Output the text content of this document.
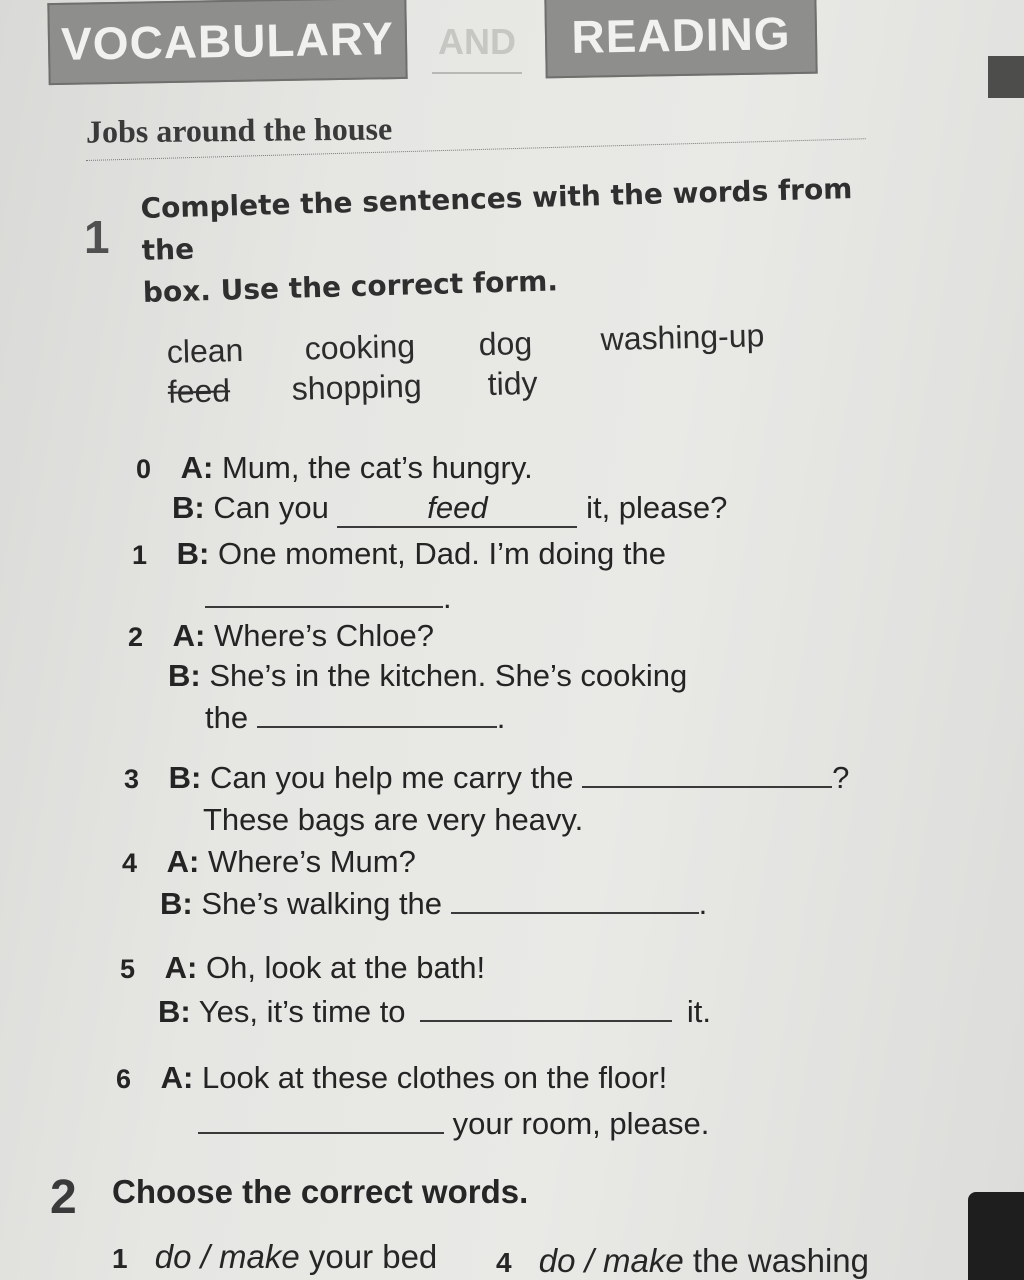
VOCABULARY AND READING
Jobs around the house
1
Complete the sentences with the words from the
box. Use the correct form.
clean cooking dog washing-up
feed shopping tidy
0 A: Mum, the cat’s hungry.
B: Can you	feed	it, please?
1 B: One moment, Dad. I’m doing the
.
2 A: Where’s Chloe?
B: She’s in the kitchen. She’s cooking
the	.
3 B: Can you help me carry the	?
These bags are very heavy.
4 A: Where’s Mum?
B: She’s walking the	.
5 A: Oh, look at the bath!
B: Yes, it’s time to	it.
6 A: Look at these clothes on the floor!
your room, please.
2 Choose the correct words.
1 do / make your bed 4 do / make the washing
